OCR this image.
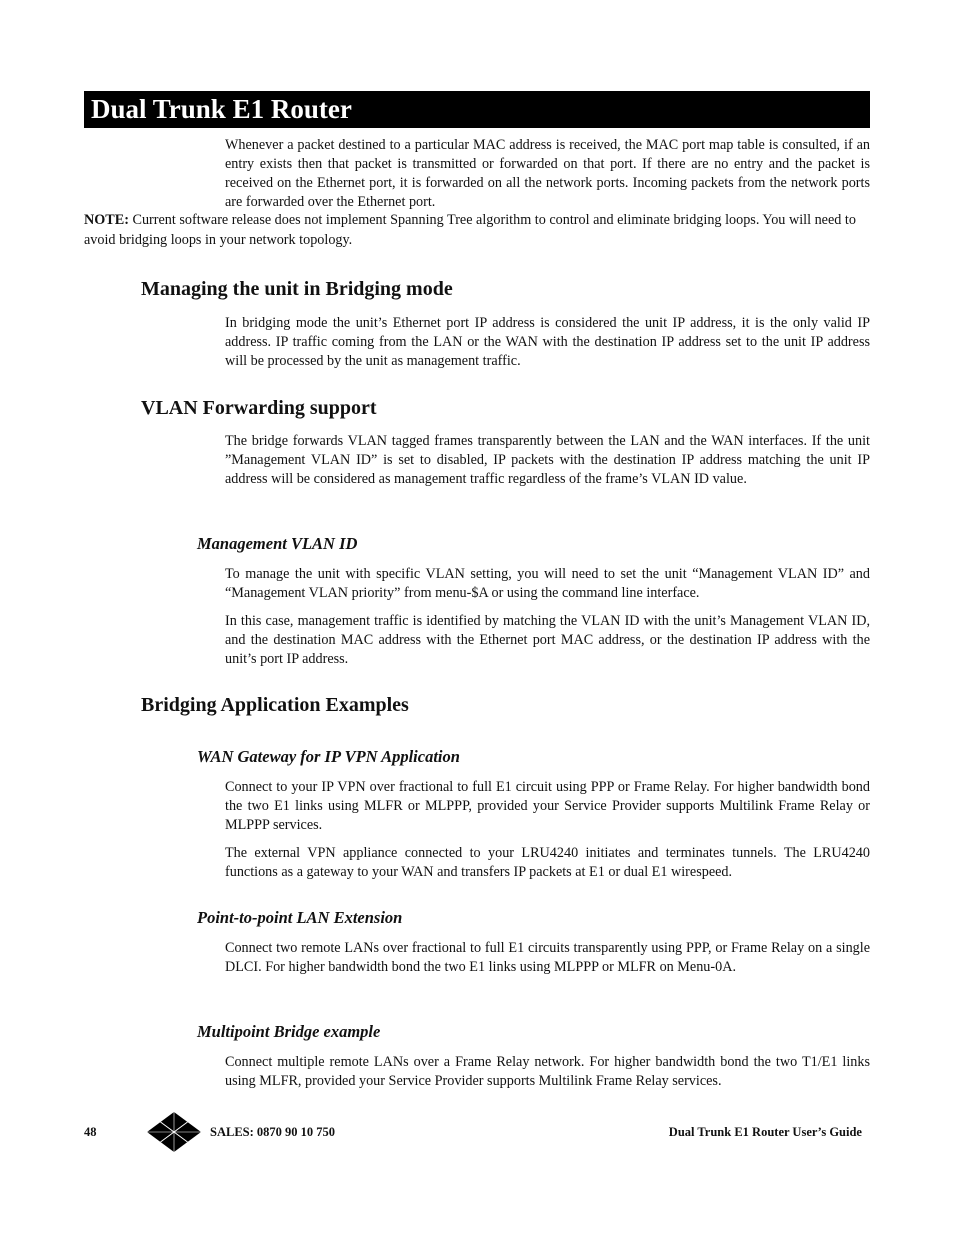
Dual Trunk E1 Router

Whenever a packet destined to a particular MAC address is received, the MAC port map table is consulted, if an entry exists then that packet is transmitted or forwarded on that port. If there are no entry and the packet is received on the Ethernet port, it is forwarded on all the network ports. Incoming packets from the network ports are forwarded over the Ethernet port.

NOTE: Current software release does not implement Spanning Tree algorithm to control and eliminate bridging loops. You will need to avoid bridging loops in your network topology.

Managing the unit in Bridging mode

In bridging mode the unit’s Ethernet port IP address is considered the unit IP address, it is the only valid IP address. IP traffic coming from the LAN or the WAN with the destination IP address set to the unit IP address will be processed by the unit as management traffic.

VLAN Forwarding support

The bridge forwards VLAN tagged frames transparently between the LAN and the WAN interfaces. If the unit ”Management VLAN ID” is set to disabled, IP packets with the destination IP address matching the unit IP address will be considered as management traffic regardless of the frame’s VLAN ID value.

Management VLAN ID

To manage the unit with specific VLAN setting, you will need to set the unit “Management VLAN ID” and “Management VLAN priority” from menu-$A or using the command line interface.

In this case, management traffic is identified by matching the VLAN ID with the unit’s Management VLAN ID, and the destination MAC address with the Ethernet port MAC address, or the destination IP address with the unit’s port IP address.

Bridging Application Examples
WAN Gateway for IP VPN Application

Connect to your IP VPN over fractional to full E1 circuit using PPP or Frame Relay. For higher bandwidth bond the two E1 links using MLFR or MLPPP, provided your Service Provider supports Multilink Frame Relay or MLPPP services.

The external VPN appliance connected to your LRU4240 initiates and terminates tunnels. The LRU4240 functions as a gateway to your WAN and transfers IP packets at E1 or dual E1 wirespeed.

Point-to-point LAN Extension

Connect two remote LANs over fractional to full E1 circuits transparently using PPP, or Frame Relay on a single DLCI. For higher bandwidth bond the two E1 links using MLPPP or MLFR on Menu-0A.

Multipoint Bridge example

Connect multiple remote LANs over a Frame Relay network. For higher bandwidth bond the two T1/E1 links using MLFR, provided your Service Provider supports Multilink Frame Relay services.

48	SALES: 0870 90 10 750	Dual Trunk E1 Router User’s Guide
